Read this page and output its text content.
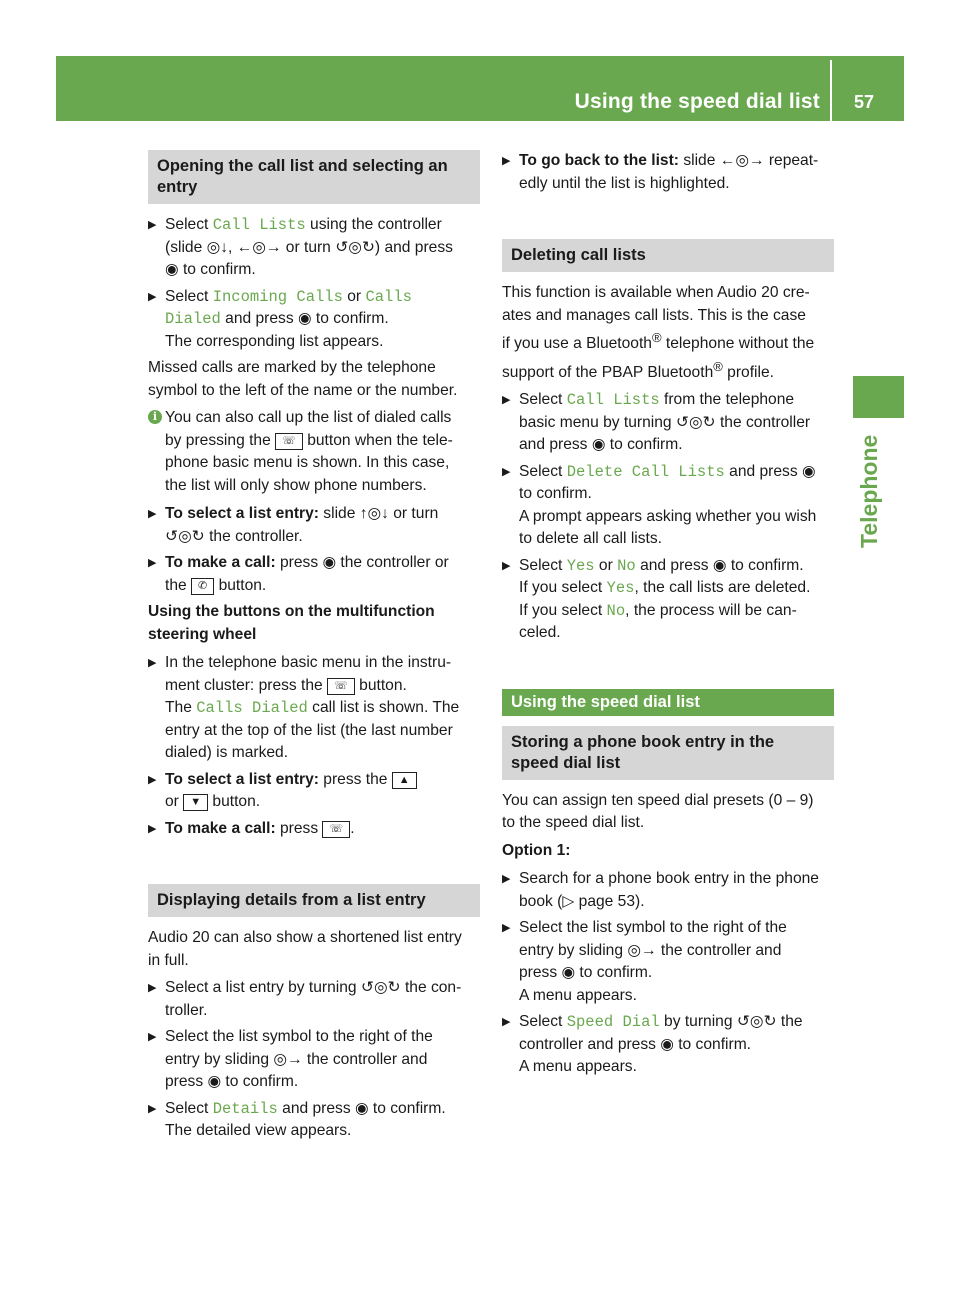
Using the speed dial list 57
Telephone
Opening the call list and selecting an entry
▶ Select Call Lists using the controller
(slide ◎↓, ←◎→ or turn ↺◎↻) and press
◉ to confirm.
▶ Select Incoming Calls or Calls
Dialed and press ◉ to confirm.
The corresponding list appears.

Missed calls are marked by the telephone
symbol to the left of the name or the number.

i You can also call up the list of dialed calls
by pressing the ☏ button when the tele-
phone basic menu is shown. In this case,
the list will only show phone numbers.
▶ To select a list entry: slide ↑◎↓ or turn
↺◎↻ the controller.
▶ To make a call: press ◉ the controller or
the ✆ button.
Using the buttons on the multifunction
steering wheel
▶ In the telephone basic menu in the instru-
ment cluster: press the ☏ button.
The Calls Dialed call list is shown. The
entry at the top of the list (the last number
dialed) is marked.
▶ To select a list entry: press the ▲
or ▼ button.
▶ To make a call: press ☏ .
Displaying details from a list entry

Audio 20 can also show a shortened list entry
in full.

▶ Select a list entry by turning ↺◎↻ the con-
troller.
▶ Select the list symbol to the right of the
entry by sliding ◎→ the controller and
press ◉ to confirm.
▶ Select Details and press ◉ to confirm.
The detailed view appears.
▶ To go back to the list: slide ←◎→ repeat-
edly until the list is highlighted.
Deleting call lists

This function is available when Audio 20 cre-
ates and manages call lists. This is the case
if you use a Bluetooth® telephone without the
support of the PBAP Bluetooth® profile.

▶ Select Call Lists from the telephone
basic menu by turning ↺◎↻ the controller
and press ◉ to confirm.
▶ Select Delete Call Lists and press ◉
to confirm.
A prompt appears asking whether you wish
to delete all call lists.
▶ Select Yes or No and press ◉ to confirm.
If you select Yes, the call lists are deleted.
If you select No, the process will be can-
celed.
Using the speed dial list
Storing a phone book entry in the speed dial list

You can assign ten speed dial presets (0 – 9)
to the speed dial list.

Option 1:
▶ Search for a phone book entry in the phone
book (▷ page 53).
▶ Select the list symbol to the right of the
entry by sliding ◎→ the controller and
press ◉ to confirm.
A menu appears.
▶ Select Speed Dial by turning ↺◎↻ the
controller and press ◉ to confirm.
A menu appears.
